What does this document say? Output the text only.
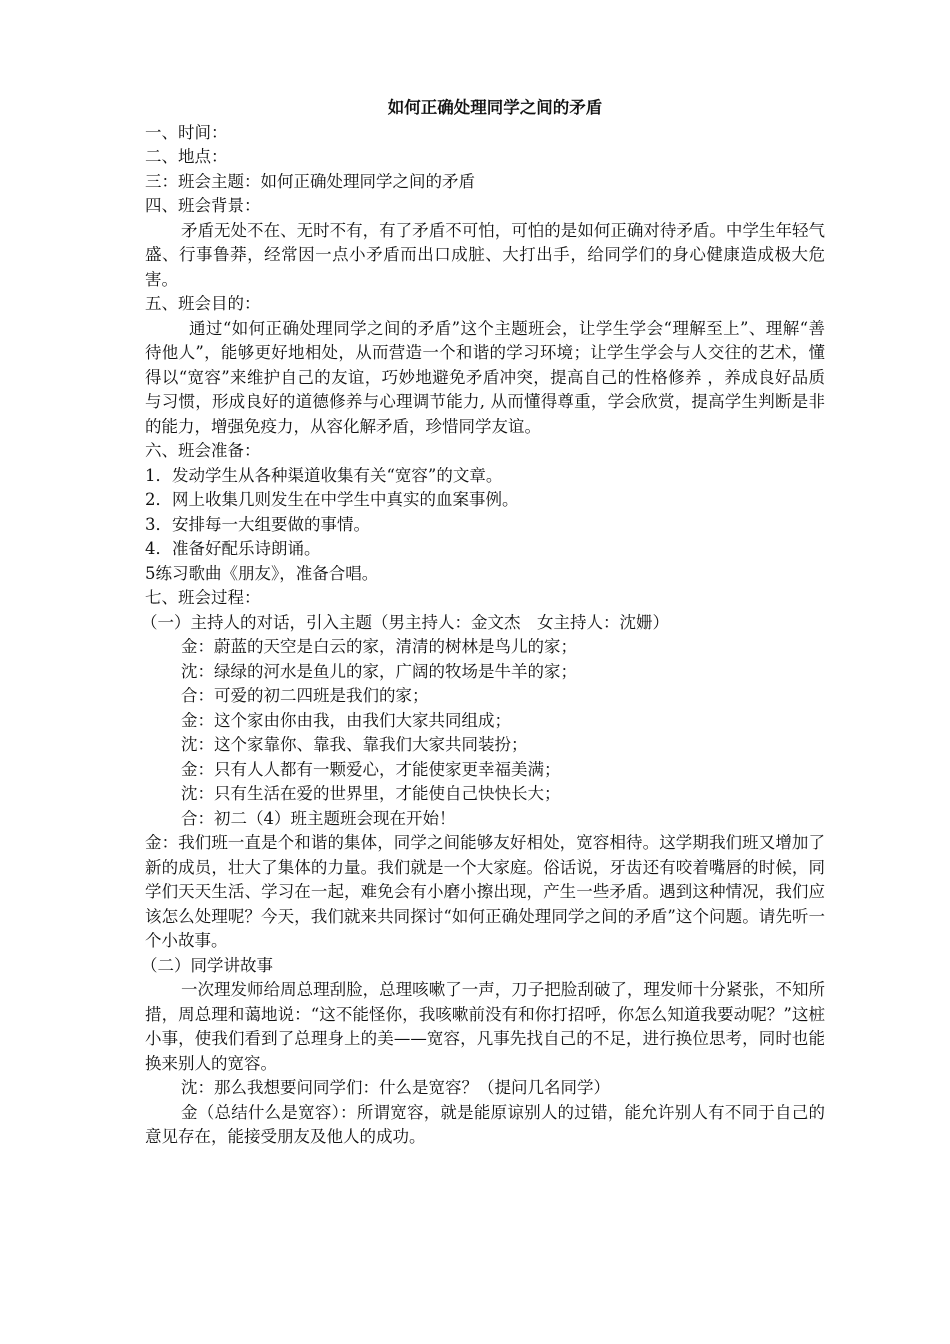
如何正确处理同学之间的矛盾

一、时间：

二、地点：

三：班会主题：如何正确处理同学之间的矛盾

四、班会背景：

矛盾无处不在、无时不有，有了矛盾不可怕，可怕的是如何正确对待矛盾。中学生年轻气盛、行事鲁莽，经常因一点小矛盾而出口成脏、大打出手，给同学们的身心健康造成极大危害。

五、班会目的：

通过“如何正确处理同学之间的矛盾”这个主题班会，让学生学会“理解至上”、理解“善待他人”，能够更好地相处，从而营造一个和谐的学习环境；让学生学会与人交往的艺术，懂得以“宽容”来维护自己的友谊，巧妙地避免矛盾冲突，提高自己的性格修养 ，养成良好品质与习惯，形成良好的道德修养与心理调节能力, 从而懂得尊重，学会欣赏，提高学生判断是非的能力，增强免疫力，从容化解矛盾，珍惜同学友谊。

六、班会准备：

1．发动学生从各种渠道收集有关“宽容”的文章。

2．网上收集几则发生在中学生中真实的血案事例。

3．安排每一大组要做的事情。

4．准备好配乐诗朗诵。

5练习歌曲《朋友》，准备合唱。

七、班会过程：

（一）主持人的对话，引入主题（男主持人：金文杰　女主持人：沈姗）

金：蔚蓝的天空是白云的家，清清的树林是鸟儿的家；

沈：绿绿的河水是鱼儿的家，广阔的牧场是牛羊的家；

合：可爱的初二四班是我们的家；

金：这个家由你由我，由我们大家共同组成；

沈：这个家靠你、靠我、靠我们大家共同装扮；

金：只有人人都有一颗爱心，才能使家更幸福美满；

沈：只有生活在爱的世界里，才能使自己快快长大；

合：初二（4）班主题班会现在开始！

金：我们班一直是个和谐的集体，同学之间能够友好相处，宽容相待。这学期我们班又增加了新的成员，壮大了集体的力量。我们就是一个大家庭。俗话说，牙齿还有咬着嘴唇的时候，同学们天天生活、学习在一起，难免会有小磨小擦出现，产生一些矛盾。遇到这种情况，我们应该怎么处理呢？今天，我们就来共同探讨“如何正确处理同学之间的矛盾”这个问题。请先听一个小故事。

（二）同学讲故事

一次理发师给周总理刮脸，总理咳嗽了一声，刀子把脸刮破了，理发师十分紧张，不知所措，周总理和蔼地说：“这不能怪你，我咳嗽前没有和你打招呼，你怎么知道我要动呢？”这桩小事，使我们看到了总理身上的美——宽容，凡事先找自己的不足，进行换位思考，同时也能换来别人的宽容。

沈：那么我想要问同学们：什么是宽容？（提问几名同学）

金（总结什么是宽容）：所谓宽容，就是能原谅别人的过错，能允许别人有不同于自己的意见存在，能接受朋友及他人的成功。
